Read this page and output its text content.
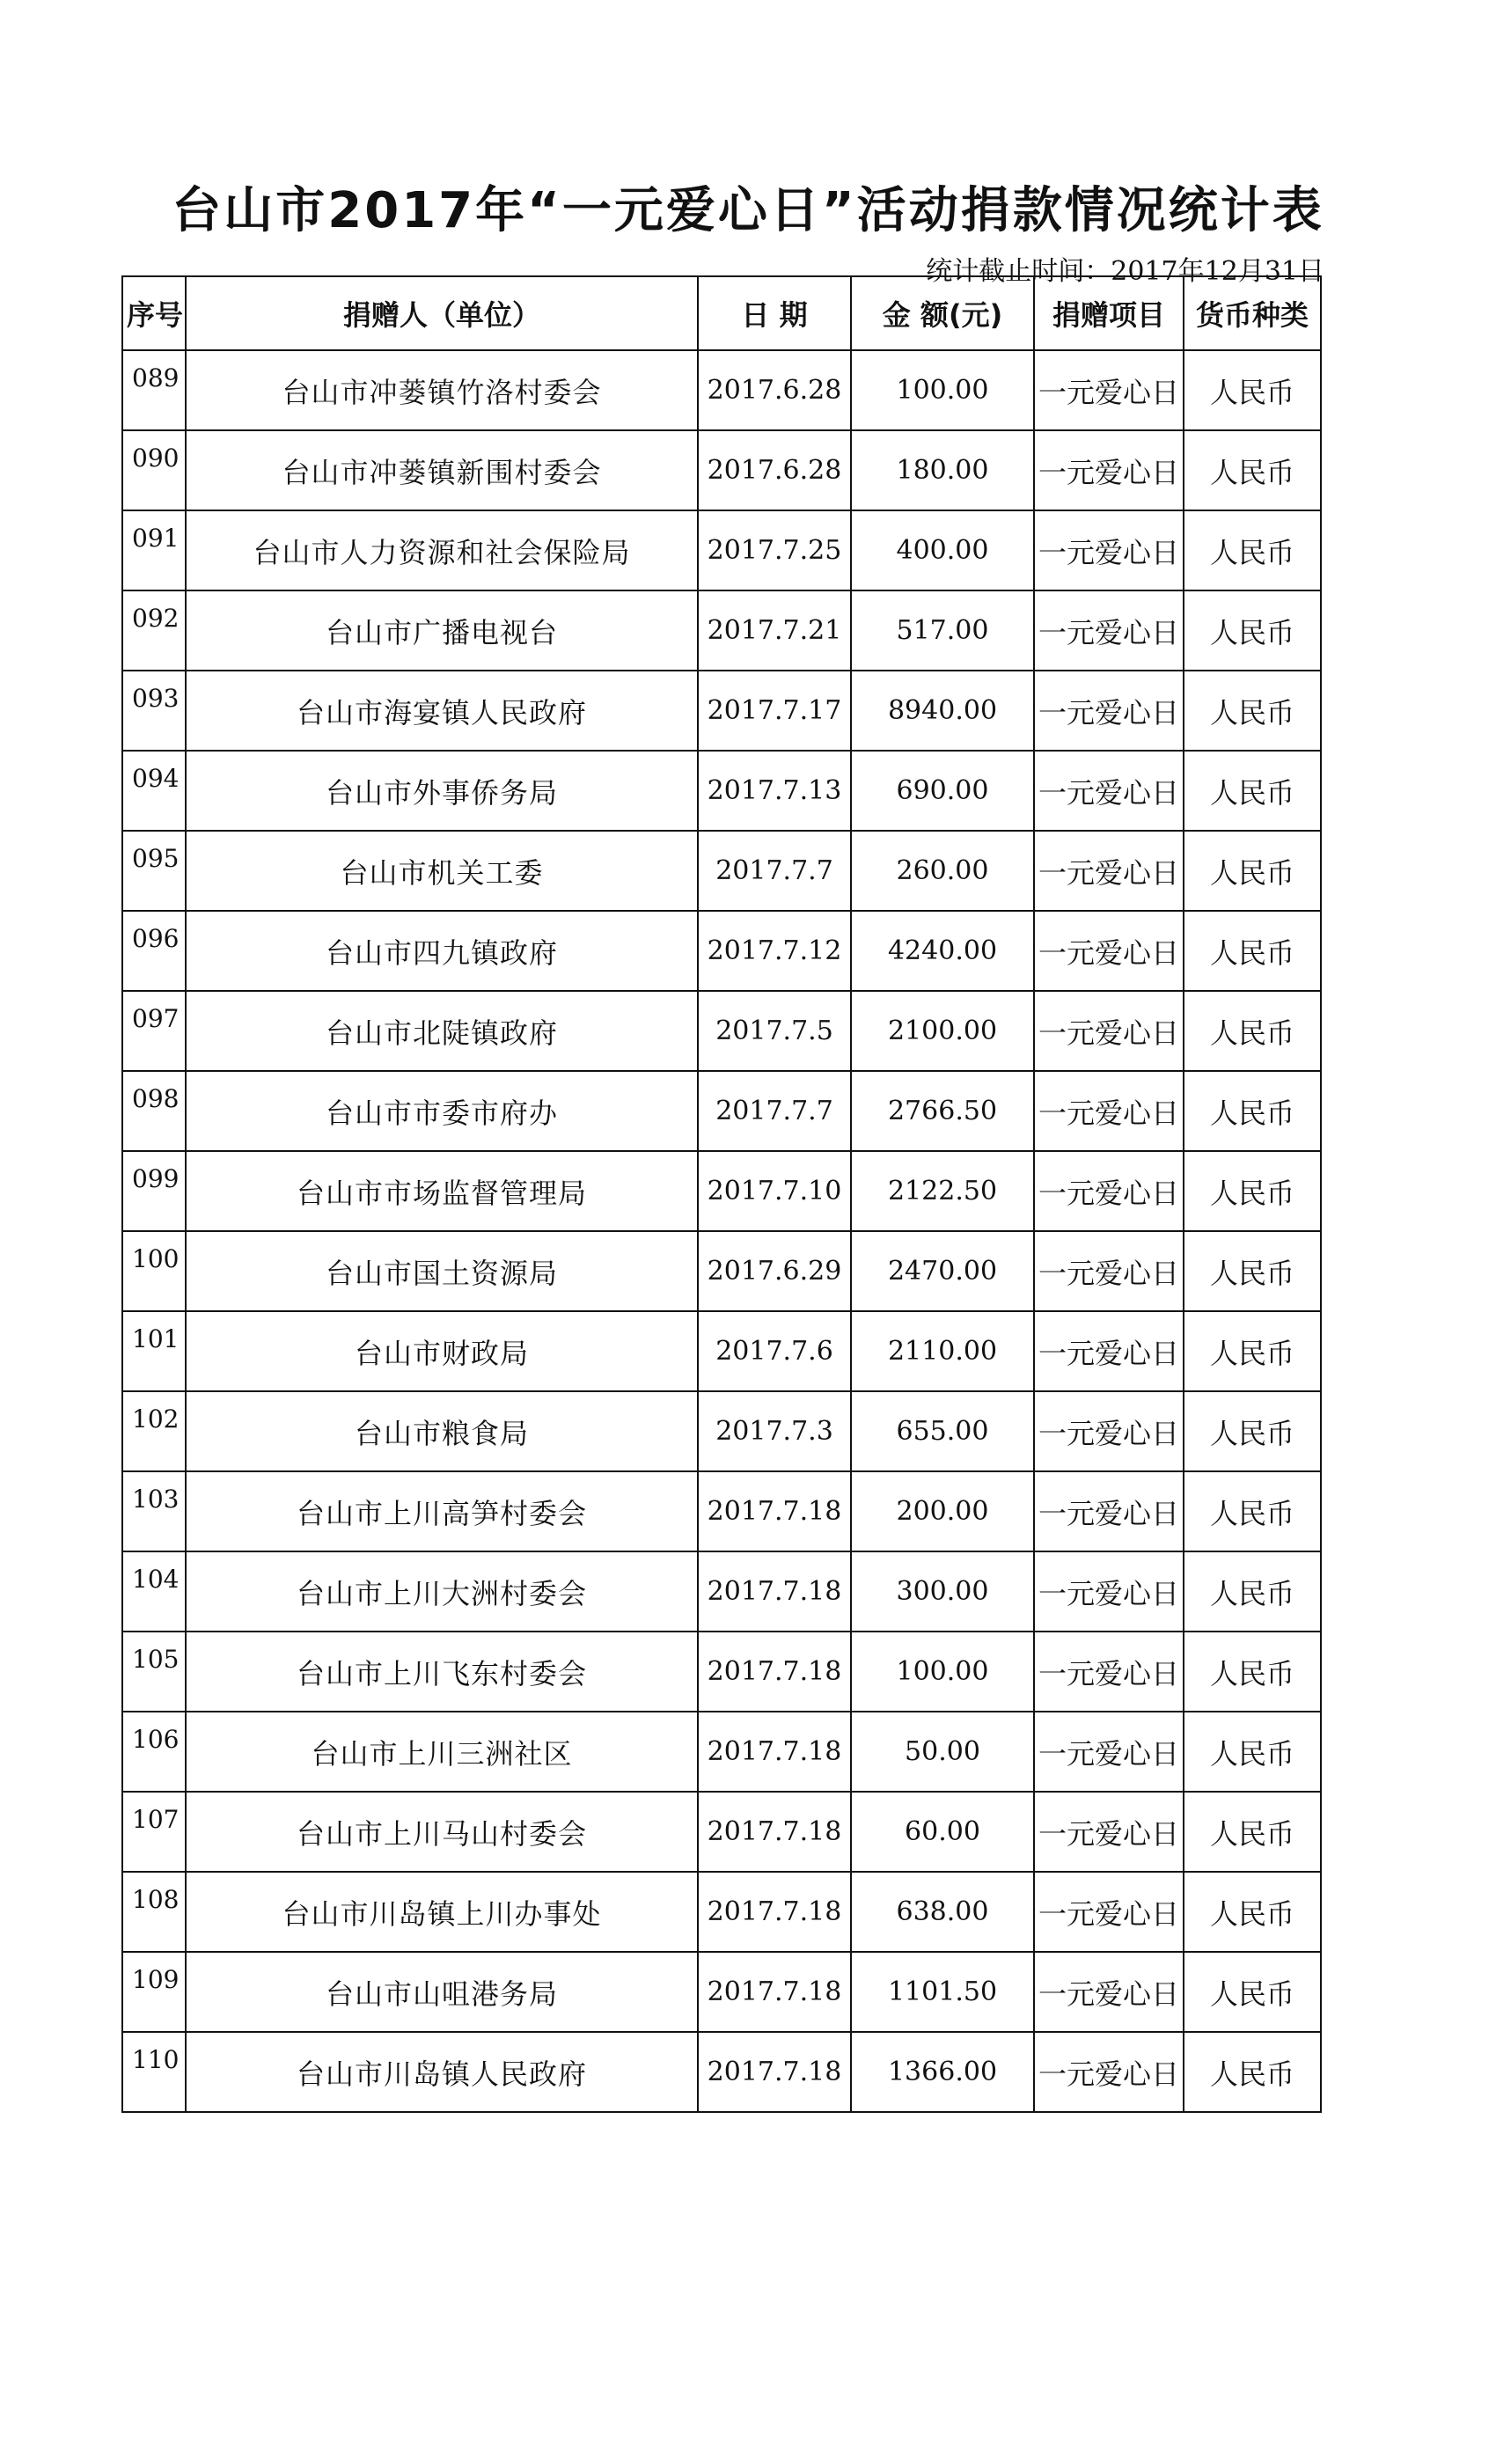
台山市2017年“一元爱心日”活动捐款情况统计表
统计截止时间：2017年12月31日
序号	捐赠人（单位）	日 期	金 额(元)	捐赠项目	货币种类
089	台山市冲蒌镇竹洛村委会	2017.6.28	100.00	一元爱心日	人民币
090	台山市冲蒌镇新围村委会	2017.6.28	180.00	一元爱心日	人民币
091	台山市人力资源和社会保险局	2017.7.25	400.00	一元爱心日	人民币
092	台山市广播电视台	2017.7.21	517.00	一元爱心日	人民币
093	台山市海宴镇人民政府	2017.7.17	8940.00	一元爱心日	人民币
094	台山市外事侨务局	2017.7.13	690.00	一元爱心日	人民币
095	台山市机关工委	2017.7.7	260.00	一元爱心日	人民币
096	台山市四九镇政府	2017.7.12	4240.00	一元爱心日	人民币
097	台山市北陡镇政府	2017.7.5	2100.00	一元爱心日	人民币
098	台山市市委市府办	2017.7.7	2766.50	一元爱心日	人民币
099	台山市市场监督管理局	2017.7.10	2122.50	一元爱心日	人民币
100	台山市国土资源局	2017.6.29	2470.00	一元爱心日	人民币
101	台山市财政局	2017.7.6	2110.00	一元爱心日	人民币
102	台山市粮食局	2017.7.3	655.00	一元爱心日	人民币
103	台山市上川高笋村委会	2017.7.18	200.00	一元爱心日	人民币
104	台山市上川大洲村委会	2017.7.18	300.00	一元爱心日	人民币
105	台山市上川飞东村委会	2017.7.18	100.00	一元爱心日	人民币
106	台山市上川三洲社区	2017.7.18	50.00	一元爱心日	人民币
107	台山市上川马山村委会	2017.7.18	60.00	一元爱心日	人民币
108	台山市川岛镇上川办事处	2017.7.18	638.00	一元爱心日	人民币
109	台山市山咀港务局	2017.7.18	1101.50	一元爱心日	人民币
110	台山市川岛镇人民政府	2017.7.18	1366.00	一元爱心日	人民币
